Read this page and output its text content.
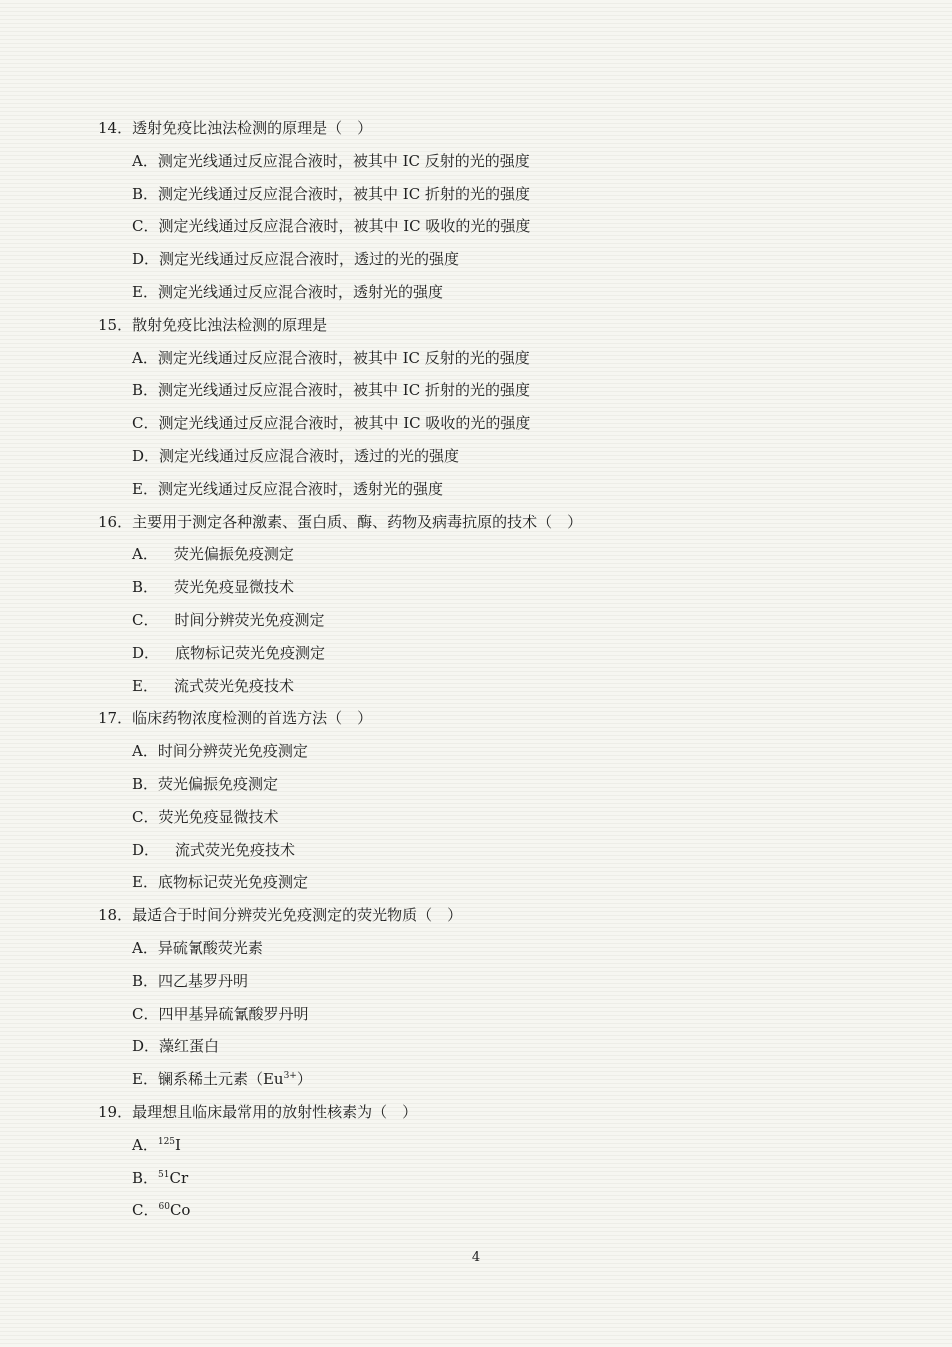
14．透射免疫比浊法检测的原理是（　）
A．测定光线通过反应混合液时，被其中 IC 反射的光的强度
B．测定光线通过反应混合液时，被其中 IC 折射的光的强度
C．测定光线通过反应混合液时，被其中 IC 吸收的光的强度
D．测定光线通过反应混合液时，透过的光的强度
E．测定光线通过反应混合液时，透射光的强度
15．散射免疫比浊法检测的原理是
A．测定光线通过反应混合液时，被其中 IC 反射的光的强度
B．测定光线通过反应混合液时，被其中 IC 折射的光的强度
C．测定光线通过反应混合液时，被其中 IC 吸收的光的强度
D．测定光线通过反应混合液时，透过的光的强度
E．测定光线通过反应混合液时，透射光的强度
16．主要用于测定各种激素、蛋白质、酶、药物及病毒抗原的技术（　）
A． 荧光偏振免疫测定
B． 荧光免疫显微技术
C． 时间分辨荧光免疫测定
D． 底物标记荧光免疫测定
E． 流式荧光免疫技术
17．临床药物浓度检测的首选方法（　）
A．时间分辨荧光免疫测定
B．荧光偏振免疫测定
C．荧光免疫显微技术
D． 流式荧光免疫技术
E．底物标记荧光免疫测定
18．最适合于时间分辨荧光免疫测定的荧光物质（　）
A．异硫氰酸荧光素
B．四乙基罗丹明
C．四甲基异硫氰酸罗丹明
D．藻红蛋白
E．镧系稀土元素$(Eu^{3+})$
19．最理想且临床最常用的放射性核素为（　）
A．$^{125}$I
B．$^{51}$Cr
C．$^{60}$Co
4
